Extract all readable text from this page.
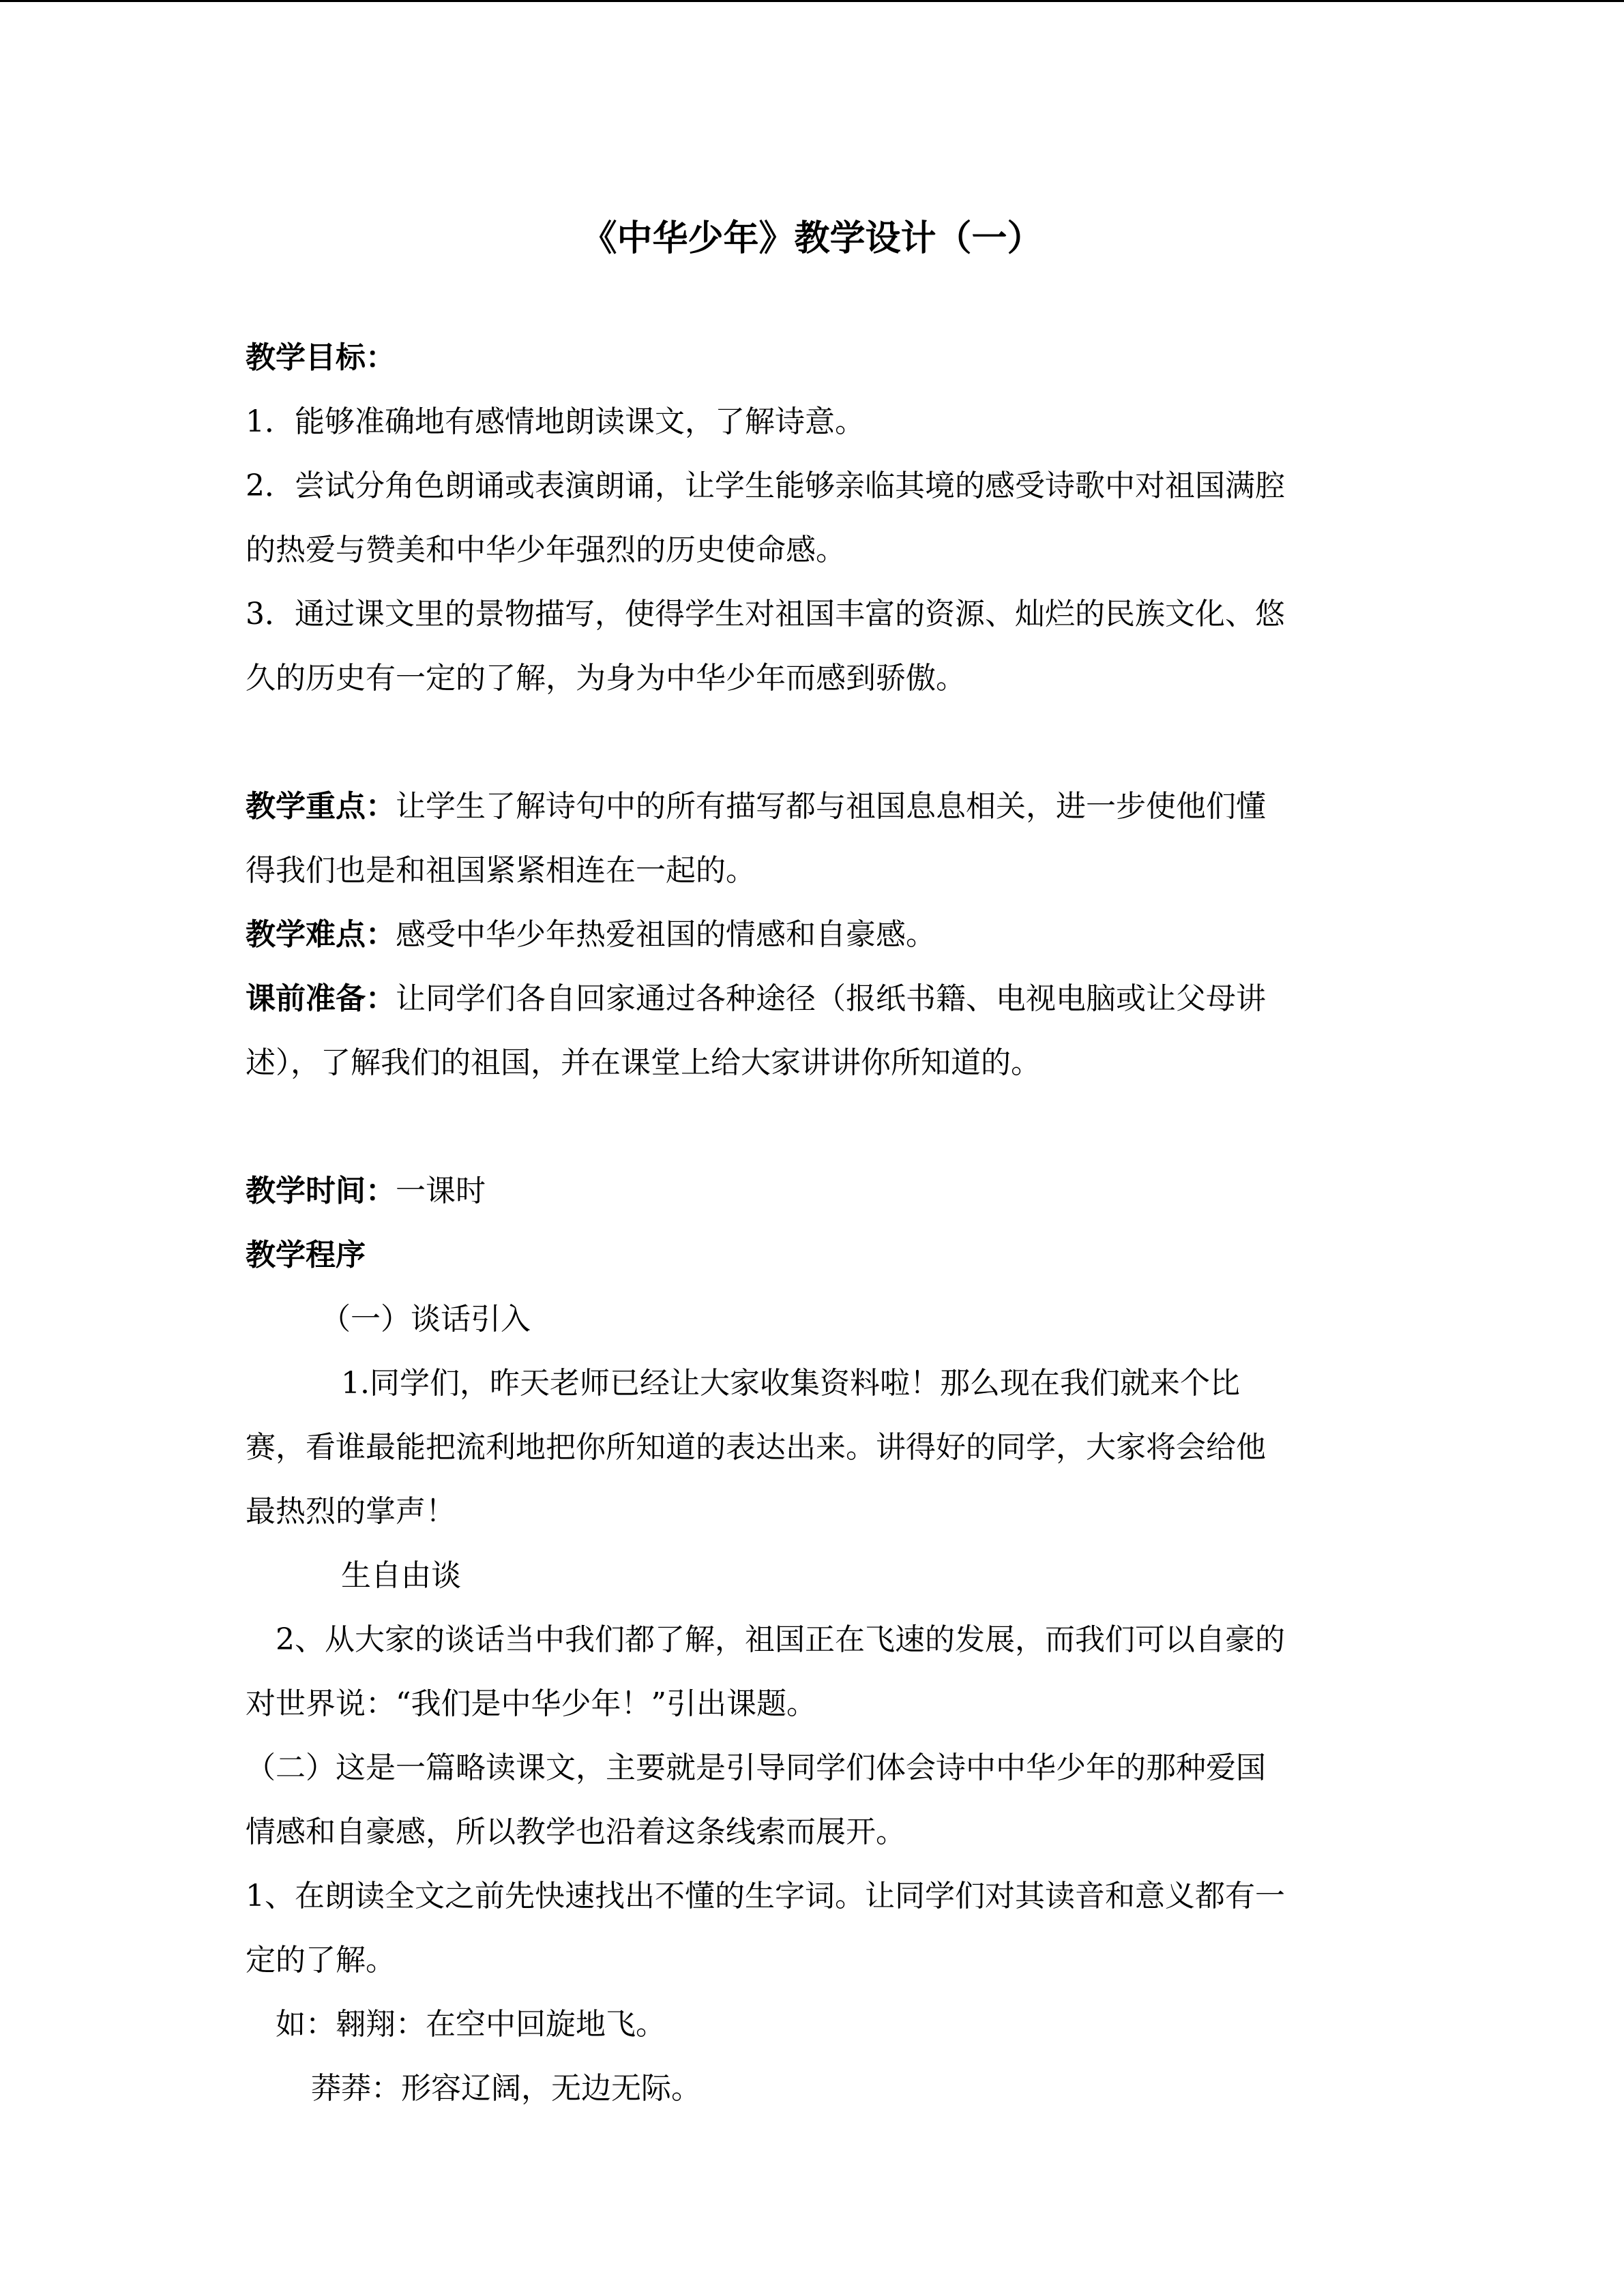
《中华少年》教学设计（一）

教学目标：

1．能够准确地有感情地朗读课文，了解诗意。

2．尝试分角色朗诵或表演朗诵，让学生能够亲临其境的感受诗歌中对祖国满腔

的热爱与赞美和中华少年强烈的历史使命感。

3．通过课文里的景物描写，使得学生对祖国丰富的资源、灿烂的民族文化、悠

久的历史有一定的了解，为身为中华少年而感到骄傲。

教学重点：让学生了解诗句中的所有描写都与祖国息息相关，进一步使他们懂

得我们也是和祖国紧紧相连在一起的。

教学难点：感受中华少年热爱祖国的情感和自豪感。

课前准备：让同学们各自回家通过各种途径（报纸书籍、电视电脑或让父母讲

述），了解我们的祖国，并在课堂上给大家讲讲你所知道的。

教学时间：一课时

教学程序

（一）谈话引入

1.同学们，昨天老师已经让大家收集资料啦！那么现在我们就来个比

赛，看谁最能把流利地把你所知道的表达出来。讲得好的同学，大家将会给他

最热烈的掌声！

生自由谈

2、从大家的谈话当中我们都了解，祖国正在飞速的发展，而我们可以自豪的

对世界说：“我们是中华少年！”引出课题。

（二）这是一篇略读课文，主要就是引导同学们体会诗中中华少年的那种爱国

情感和自豪感，所以教学也沿着这条线索而展开。

1、在朗读全文之前先快速找出不懂的生字词。让同学们对其读音和意义都有一

定的了解。

如：翱翔：在空中回旋地飞。

莽莽：形容辽阔，无边无际。
